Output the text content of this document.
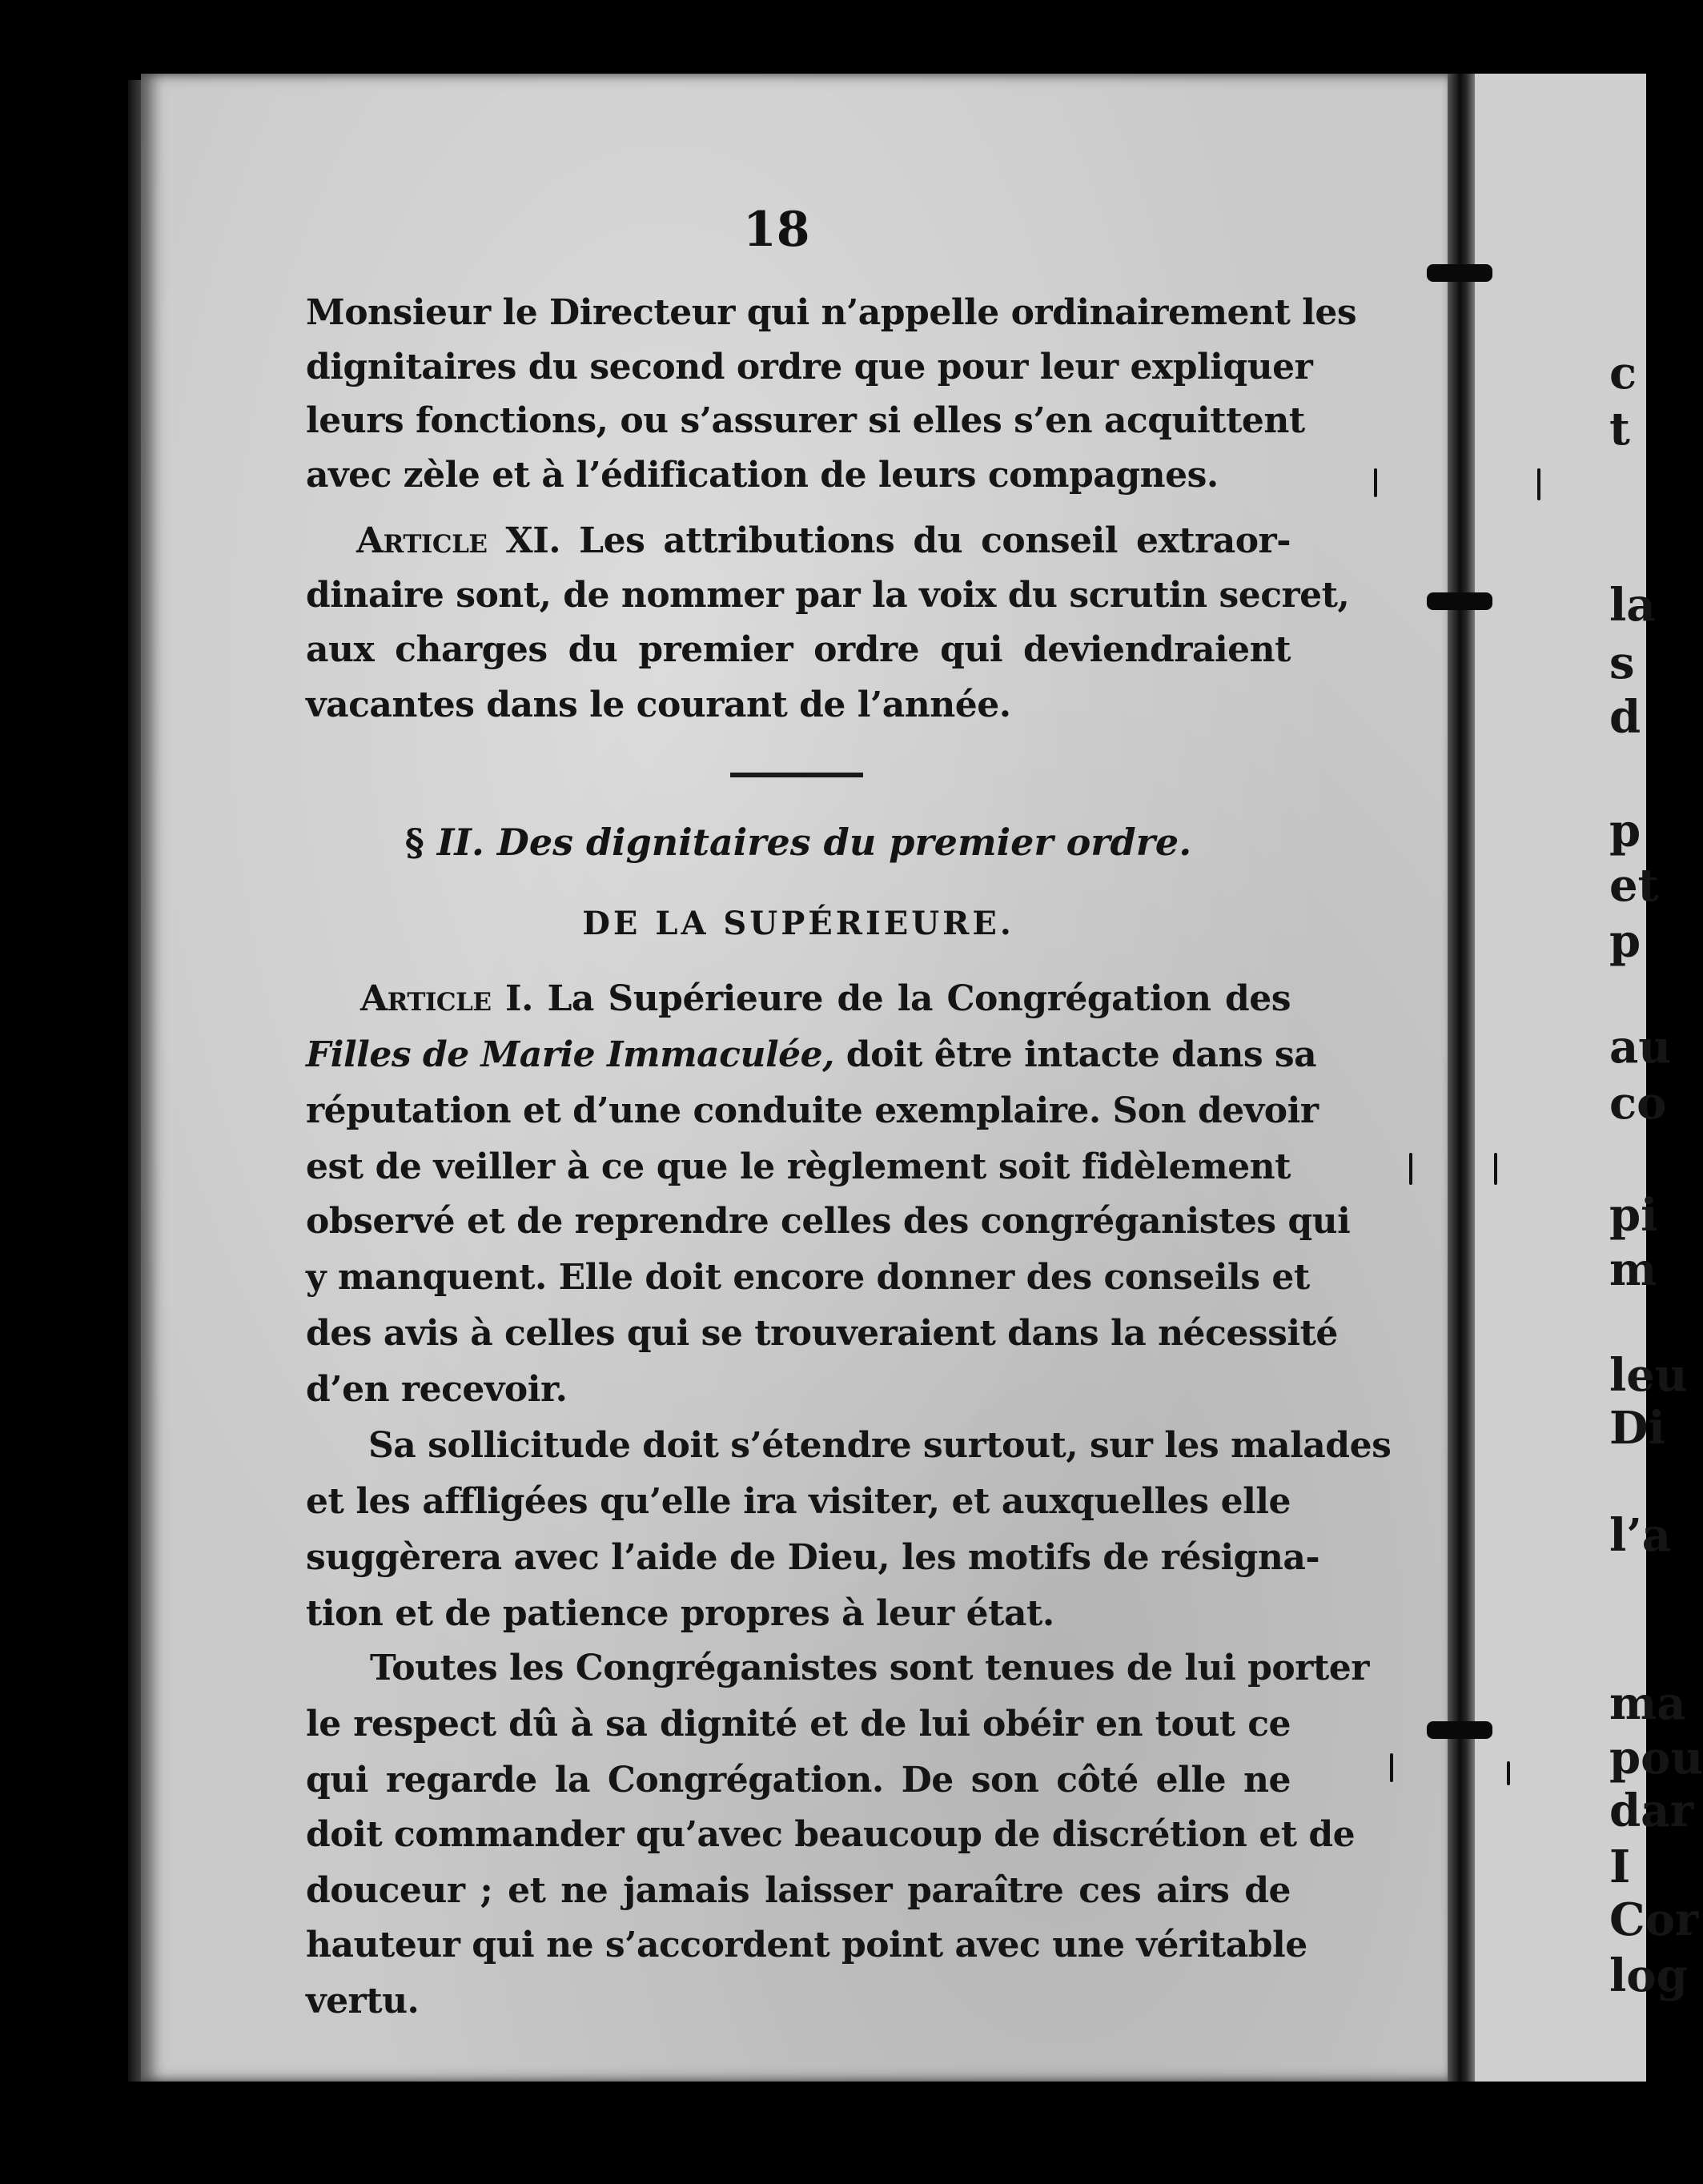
c
t
la
s
d
p
et
p
au
co
pi
m
leu
Di
l’a
ma
pou
dar
I
Cor
log
18
Monsieur le Directeur qui n’appelle ordinairement les
dignitaires du second ordre que pour leur expliquer
leurs fonctions, ou s’assurer si elles s’en acquittent
avec zèle et à l’édification de leurs compagnes.
Article XI. Les attributions du conseil extraor-
dinaire sont, de nommer par la voix du scrutin secret,
aux charges du premier ordre qui deviendraient
vacantes dans le courant de l’année.
§ II. Des dignitaires du premier ordre.
DE LA SUPÉRIEURE.
Article I. La Supérieure de la Congrégation des
Filles de Marie Immaculée, doit être intacte dans sa
réputation et d’une conduite exemplaire. Son devoir
est de veiller à ce que le règlement soit fidèlement
observé et de reprendre celles des congréganistes qui
y manquent. Elle doit encore donner des conseils et
des avis à celles qui se trouveraient dans la nécessité
d’en recevoir.
Sa sollicitude doit s’étendre surtout, sur les malades
et les affligées qu’elle ira visiter, et auxquelles elle
suggèrera avec l’aide de Dieu, les motifs de résigna-
tion et de patience propres à leur état.
Toutes les Congréganistes sont tenues de lui porter
le respect dû à sa dignité et de lui obéir en tout ce
qui regarde la Congrégation. De son côté elle ne
doit commander qu’avec beaucoup de discrétion et de
douceur ; et ne jamais laisser paraître ces airs de
hauteur qui ne s’accordent point avec une véritable
vertu.
